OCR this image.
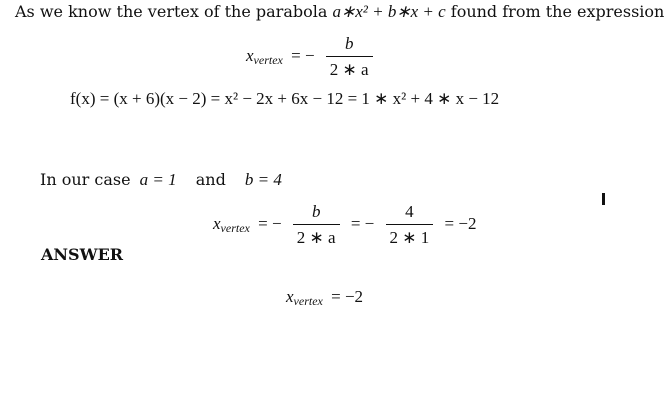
As we know the vertex of the parabola a∗x² + b∗x + c found from the expression
xvertex = − $\frac{b}{2 ∗ a}$
f(x) = (x + 6)(x − 2) = x² − 2x + 6x − 12 = 1 ∗ x² + 4 ∗ x − 12
In our case a = 1 and b = 4
xvertex = − $\frac{b}{2 ∗ a}$ = − $\frac{4}{2 ∗ 1} = -2$
ANSWER
xvertex = −2
